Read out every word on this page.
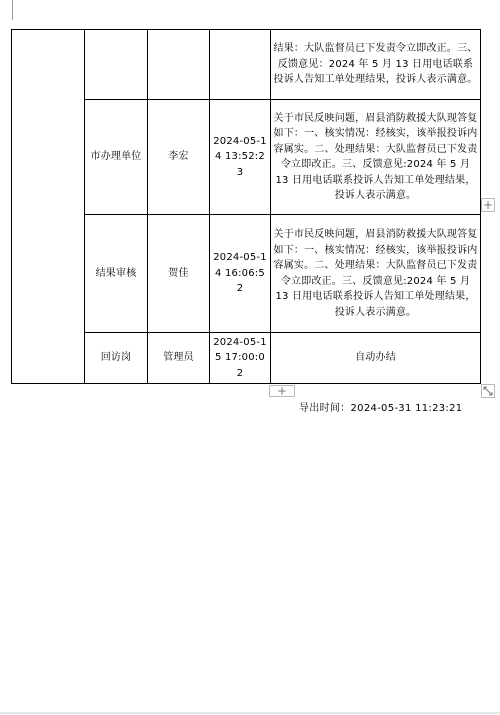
				结果：大队监督员已下发责令立即改正。三、反馈意见：2024 年 5 月 13 日用电话联系投诉人告知工单处理结果，投诉人表示满意。

	市办理单位	李宏	2024-05-14 13:52:23	关于市民反映问题，眉县消防救援大队现答复如下：一、核实情况：经核实，该举报投诉内容属实。二、处理结果：大队监督员已下发责令立即改正。三、反馈意见:2024 年 5 月 13 日用电话联系投诉人告知工单处理结果，投诉人表示满意。

	结果审核	贺佳	2024-05-14 16:06:52	关于市民反映问题，眉县消防救援大队现答复如下：一、核实情况：经核实，该举报投诉内容属实。二、处理结果：大队监督员已下发责令立即改正。三、反馈意见:2024 年 5 月 13 日用电话联系投诉人告知工单处理结果，投诉人表示满意。

	回访岗	管理员	2024-05-15 17:00:02	自动办结
+
+
导出时间：2024-05-31 11:23:21
